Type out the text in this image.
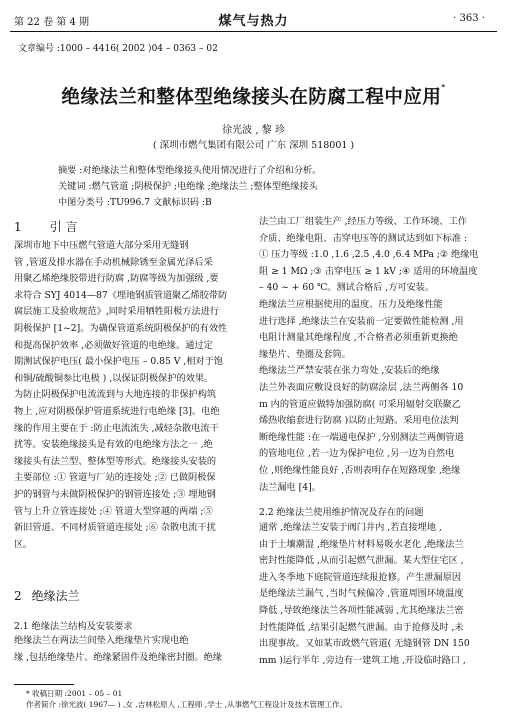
第 22 卷 第 4 期	煤气与热力	· 363 ·
文章编号 :1000 – 4416( 2002 )04 – 0363 – 02
绝缘法兰和整体型绝缘接头在防腐工程中应用*
徐光波 , 黎 珍
( 深圳市燃气集团有限公司 广东 深圳 518001 )
摘要 :对绝缘法兰和整体型绝缘接头使用情况进行了介绍和分析。
关键词 :燃气管道 ;阴极保护 ;电绝缘 ;绝缘法兰 ;整体型绝缘接头
中图分类号 :TU996.7 文献标识码 :B
1 引 言
深圳市地下中压燃气管道大部分采用无缝钢
管 ,管道及排水器在手动机械除锈至金属光泽后采
用聚乙烯绝缘胶带进行防腐 ,防腐等级为加强级 ,要
求符合 SYJ 4014—87《埋地钢质管道聚乙烯胶带防
腐层施工及验收规范》,同时采用牺牲阳极方法进行
阴极保护 [1~2]。为确保管道系统阴极保护的有效性
和提高保护效率 ,必须做好管道的电绝缘。通过定
期测试保护电压( 最小保护电压 – 0.85 V ,相对于饱
和铜/硫酸铜参比电极 ) ,以保证阴极保护的效果。
为防止阴极保护电流流到与大地连接的非保护构筑
物上 ,应对阴极保护管道系统进行电绝缘 [3]。电绝
缘的作用主要在于 :防止电流流失 ,减轻杂散电流干
扰等。安装绝缘接头是有效的电绝缘方法之一 ,绝
缘接头有法兰型、整体型等形式。绝缘接头安装的
主要部位 :① 管道与厂站的连接处 ;② 已做阴极保
护的钢管与未做阴极保护的钢管连接处 ;③ 埋地钢
管与上升立管连接处 ;④ 管道大型穿越的两端 ;⑤
新旧管道、不同材质管道连接处 ;⑥ 杂散电流干扰
区。
2 绝缘法兰
2.1 绝缘法兰结构及安装要求
绝缘法兰在两法兰间垫入绝缘垫片实现电绝
缘 ,包括绝缘垫片、绝缘紧固件及绝缘密封圈。绝缘
法兰由工厂组装生产 ,经压力等级、工作环境、工作
介质、绝缘电阻、击穿电压等的测试达到如下标准 :
① 压力等级 :1.0 ,1.6 ,2.5 ,4.0 ,6.4 MPa ;② 绝缘电
阻 ≥ 1 MΩ ;③ 击穿电压 ≥ 1 kV ;④ 适用的环境温度
– 40 ~ + 60 ℃。测试合格后 ,方可安装。
绝缘法兰应根据使用的温度、压力及绝缘性能
进行选择 ,绝缘法兰在安装前一定要做性能检测 ,用
电阻计测量其绝缘程度 ,不合格者必须重新更换绝
缘垫片、垫圈及套筒。
绝缘法兰严禁安装在张力弯处 ,安装后的绝缘
法兰外表面应敷设良好的防腐涂层 ,法兰两侧各 10
m 内的管道应做特加强防腐( 可采用辐射交联聚乙
烯热收缩套进行防腐 )以防止短路。采用电位法判
断绝缘性能 :在一端通电保护 ,分别测法兰两侧管道
的管地电位 ,若一边为保护电位 ,另一边为自然电
位 ,则绝缘性能良好 ,否则表明存在短路现象 ,绝缘
法兰漏电 [4]。
2.2 绝缘法兰使用维护情况及存在的问题
通常 ,绝缘法兰安装于阀门井内 ,若直接埋地 ,
由于土壤潮湿 ,绝缘垫片材料易吸水老化 ,绝缘法兰
密封性能降低 ,从而引起燃气泄漏。某大型住宅区 ,
进入冬季地下庭院管道连续报抢修。产生泄漏原因
是绝缘法兰漏气 ,当时气候偏冷 ,管道周围环境温度
降低 ,导致绝缘法兰各项性能减弱 ,尤其绝缘法兰密
封性能降低 ,结果引起燃气泄漏。由于抢修及时 ,未
出现事故。又如某市政燃气管道( 无缝钢管 DN 150
mm )运行半年 ,旁边有一建筑工地 ,开设临时路口 ,
* 收稿日期 :2001 – 05 – 01
作者简介 :徐光波( 1967— ) ,女 ,吉林松原人 ,工程师 ,学士 ,从事燃气工程设计及技术管理工作。
